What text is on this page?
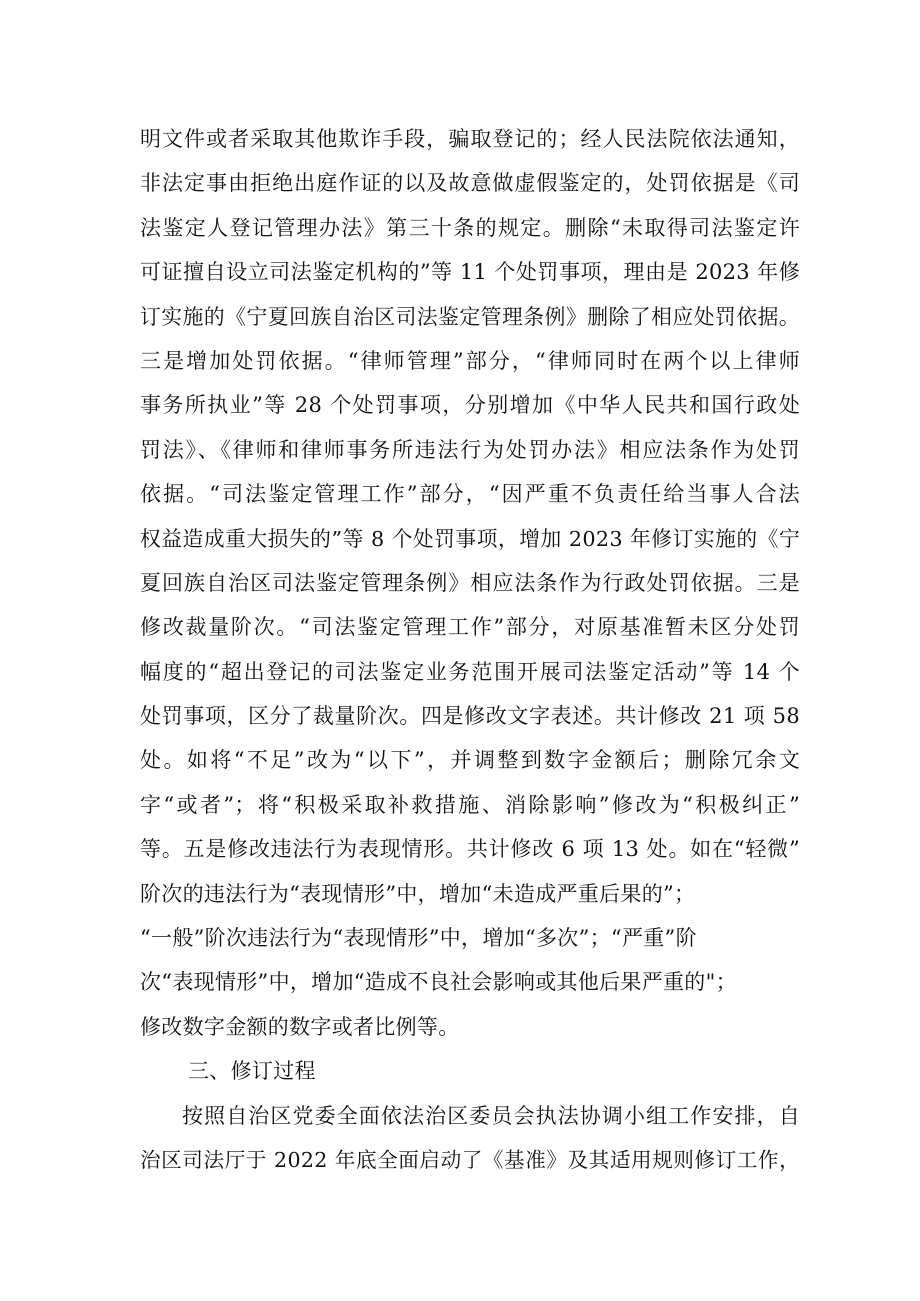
明文件或者采取其他欺诈手段，骗取登记的；经人民法院依法通知，
非法定事由拒绝出庭作证的以及故意做虚假鉴定的，处罚依据是《司
法鉴定人登记管理办法》第三十条的规定。删除“未取得司法鉴定许
可证擅自设立司法鉴定机构的”等 11 个处罚事项，理由是 2023 年修
订实施的《宁夏回族自治区司法鉴定管理条例》删除了相应处罚依据。
三是增加处罚依据。“律师管理”部分，“律师同时在两个以上律师
事务所执业”等 28 个处罚事项，分别增加《中华人民共和国行政处
罚法》、《律师和律师事务所违法行为处罚办法》相应法条作为处罚
依据。“司法鉴定管理工作”部分，“因严重不负责任给当事人合法
权益造成重大损失的”等 8 个处罚事项，增加 2023 年修订实施的《宁
夏回族自治区司法鉴定管理条例》相应法条作为行政处罚依据。三是
修改裁量阶次。“司法鉴定管理工作”部分，对原基准暂未区分处罚
幅度的“超出登记的司法鉴定业务范围开展司法鉴定活动”等 14 个
处罚事项，区分了裁量阶次。四是修改文字表述。共计修改 21 项 58
处。如将“不足”改为“以下”，并调整到数字金额后；删除冗余文
字“或者”；将“积极采取补救措施、消除影响”修改为“积极纠正”
等。五是修改违法行为表现情形。共计修改 6 项 13 处。如在“轻微”
阶次的违法行为“表现情形”中，增加“未造成严重后果的”；
“一般”阶次违法行为“表现情形”中，增加“多次”；“严重”阶
次“表现情形”中，增加“造成不良社会影响或其他后果严重的"；
修改数字金额的数字或者比例等。
三、修订过程
按照自治区党委全面依法治区委员会执法协调小组工作安排，自
治区司法厅于 2022 年底全面启动了《基准》及其适用规则修订工作，
